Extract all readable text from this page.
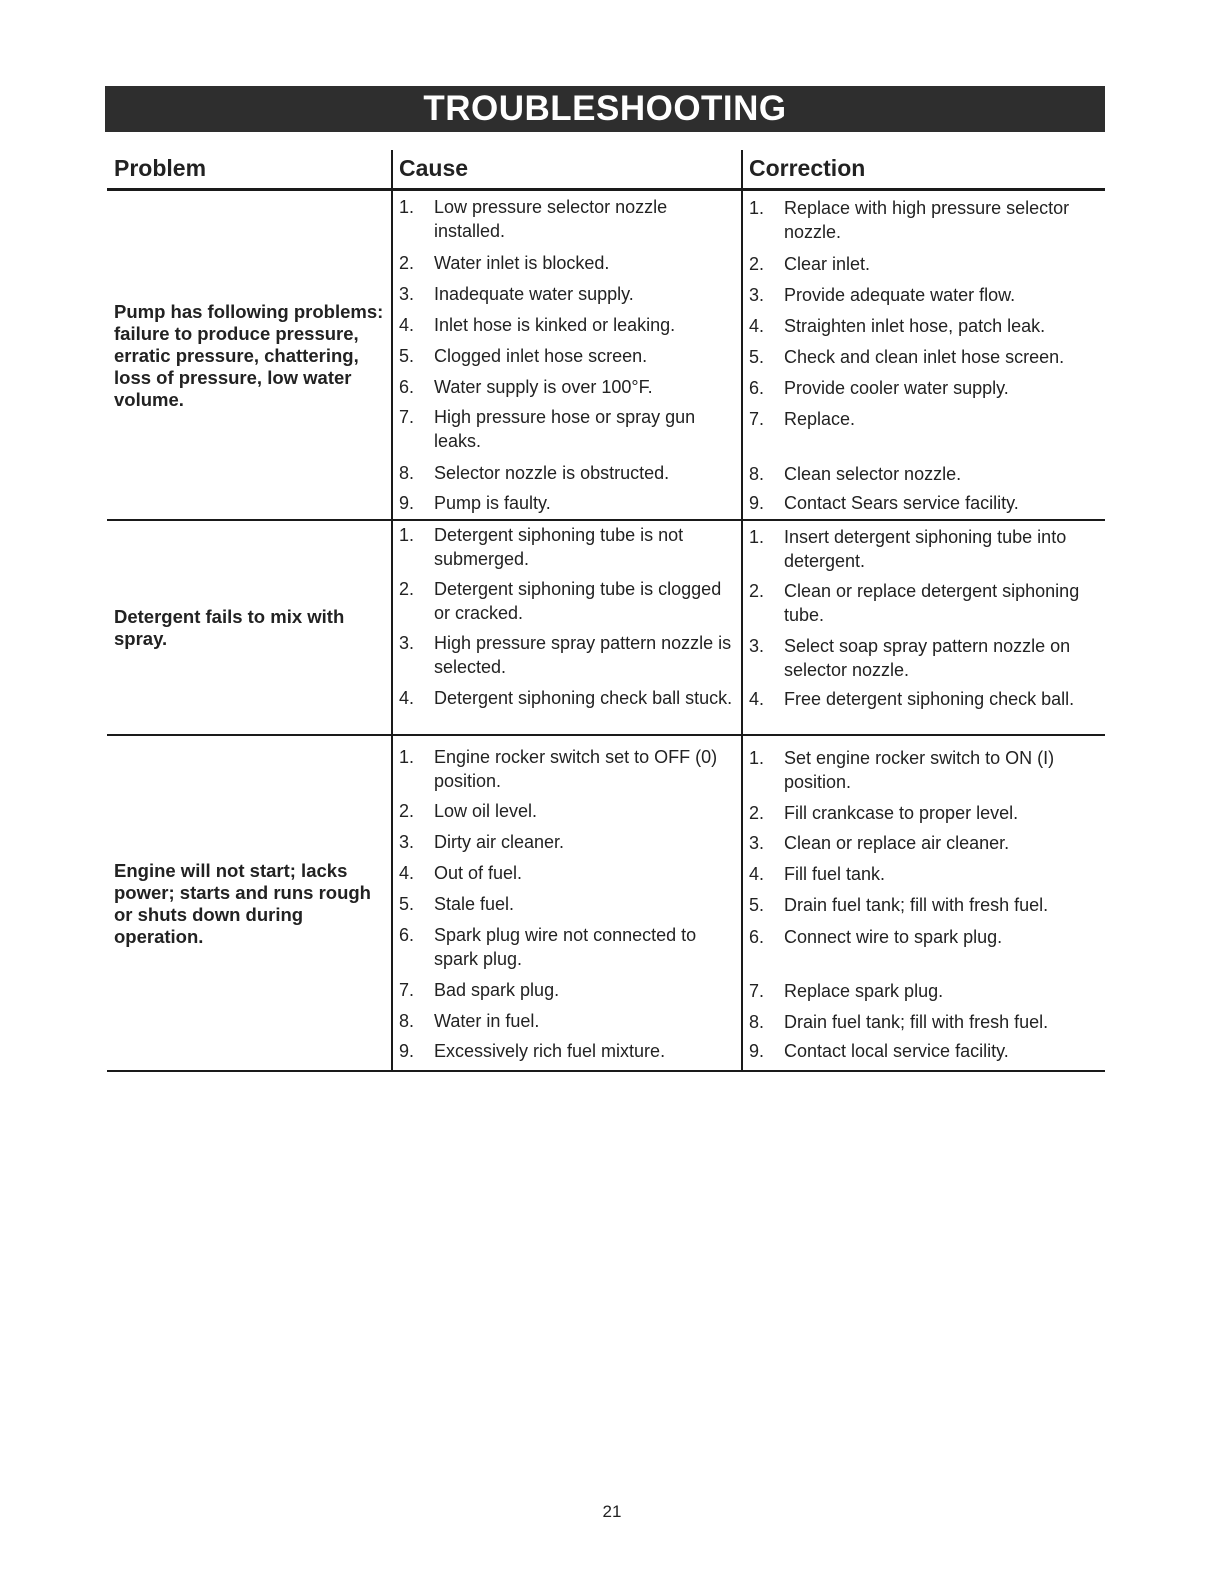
TROUBLESHOOTING
Problem	Cause	Correction
Pump has following problems: failure to produce pressure, erratic pressure, chattering, loss of pressure, low water volume.
Detergent fails to mix with spray.
Engine will not start; lacks power; starts and runs rough or shuts down during operation.
1. Low pressure selector nozzle installed.
2. Water inlet is blocked.
3. Inadequate water supply.
4. Inlet hose is kinked or leaking.
5. Clogged inlet hose screen.
6. Water supply is over 100°F.
7. High pressure hose or spray gun leaks.
8. Selector nozzle is obstructed.
9. Pump is faulty.
1. Replace with high pressure selector nozzle.
2. Clear inlet.
3. Provide adequate water flow.
4. Straighten inlet hose, patch leak.
5. Check and clean inlet hose screen.
6. Provide cooler water supply.
7. Replace.
8. Clean selector nozzle.
9. Contact Sears service facility.
1. Detergent siphoning tube is not submerged.
2. Detergent siphoning tube is clogged or cracked.
3. High pressure spray pattern nozzle is selected.
4. Detergent siphoning check ball stuck.
1. Insert detergent siphoning tube into detergent.
2. Clean or replace detergent siphoning tube.
3. Select soap spray pattern nozzle on selector nozzle.
4. Free detergent siphoning check ball.
1. Engine rocker switch set to OFF (0) position.
2. Low oil level.
3. Dirty air cleaner.
4. Out of fuel.
5. Stale fuel.
6. Spark plug wire not connected to spark plug.
7. Bad spark plug.
8. Water in fuel.
9. Excessively rich fuel mixture.
1. Set engine rocker switch to ON (I) position.
2. Fill crankcase to proper level.
3. Clean or replace air cleaner.
4. Fill fuel tank.
5. Drain fuel tank; fill with fresh fuel.
6. Connect wire to spark plug.
7. Replace spark plug.
8. Drain fuel tank; fill with fresh fuel.
9. Contact local service facility.
21
